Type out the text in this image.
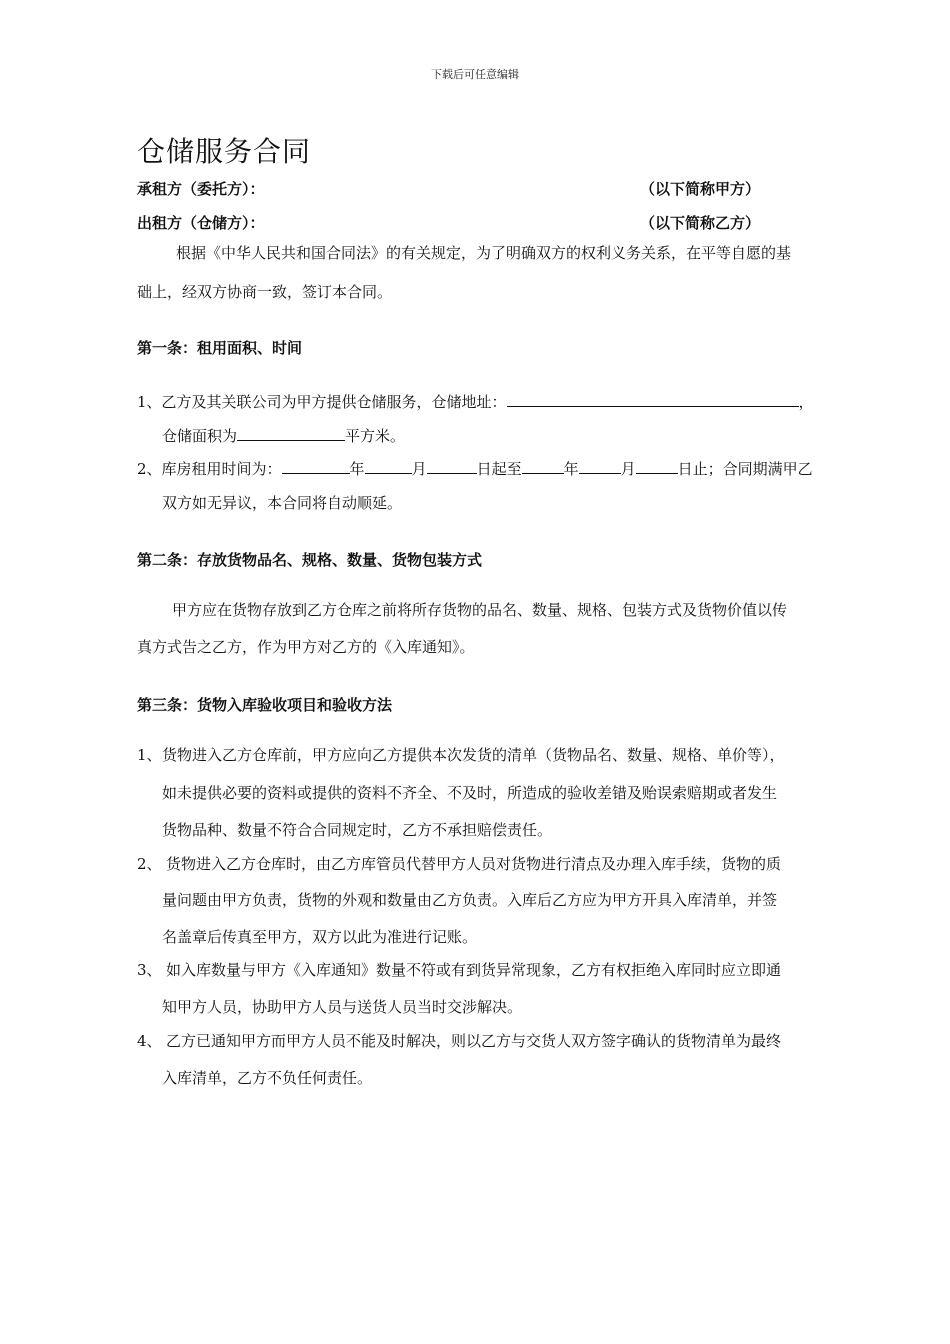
下载后可任意编辑
仓储服务合同
承租方（委托方）：	（以下简称甲方）
出租方（仓储方）：	（以下简称乙方）
根据《中华人民共和国合同法》的有关规定，为了明确双方的权利义务关系，在平等自愿的基
础上，经双方协商一致，签订本合同。
第一条：租用面积、时间
1、乙方及其关联公司为甲方提供仓储服务，仓储地址：	，
仓储面积为	平方米。
2、库房租用时间为：	年	月	日起至	年	月	日止；合同期满甲乙
双方如无异议，本合同将自动顺延。
第二条：存放货物品名、规格、数量、货物包装方式
甲方应在货物存放到乙方仓库之前将所存货物的品名、数量、规格、包装方式及货物价值以传
真方式告之乙方，作为甲方对乙方的《入库通知》。
第三条：货物入库验收项目和验收方法
1、 货物进入乙方仓库前，甲方应向乙方提供本次发货的清单（货物品名、数量、规格、单价等），
如未提供必要的资料或提供的资料不齐全、不及时，所造成的验收差错及贻误索赔期或者发生
货物品种、数量不符合合同规定时，乙方不承担赔偿责任。
2、 货物进入乙方仓库时，由乙方库管员代替甲方人员对货物进行清点及办理入库手续，货物的质
量问题由甲方负责，货物的外观和数量由乙方负责。入库后乙方应为甲方开具入库清单，并签
名盖章后传真至甲方，双方以此为准进行记账。
3、 如入库数量与甲方《入库通知》数量不符或有到货异常现象，乙方有权拒绝入库同时应立即通
知甲方人员，协助甲方人员与送货人员当时交涉解决。
4、 乙方已通知甲方而甲方人员不能及时解决，则以乙方与交货人双方签字确认的货物清单为最终
入库清单，乙方不负任何责任。
